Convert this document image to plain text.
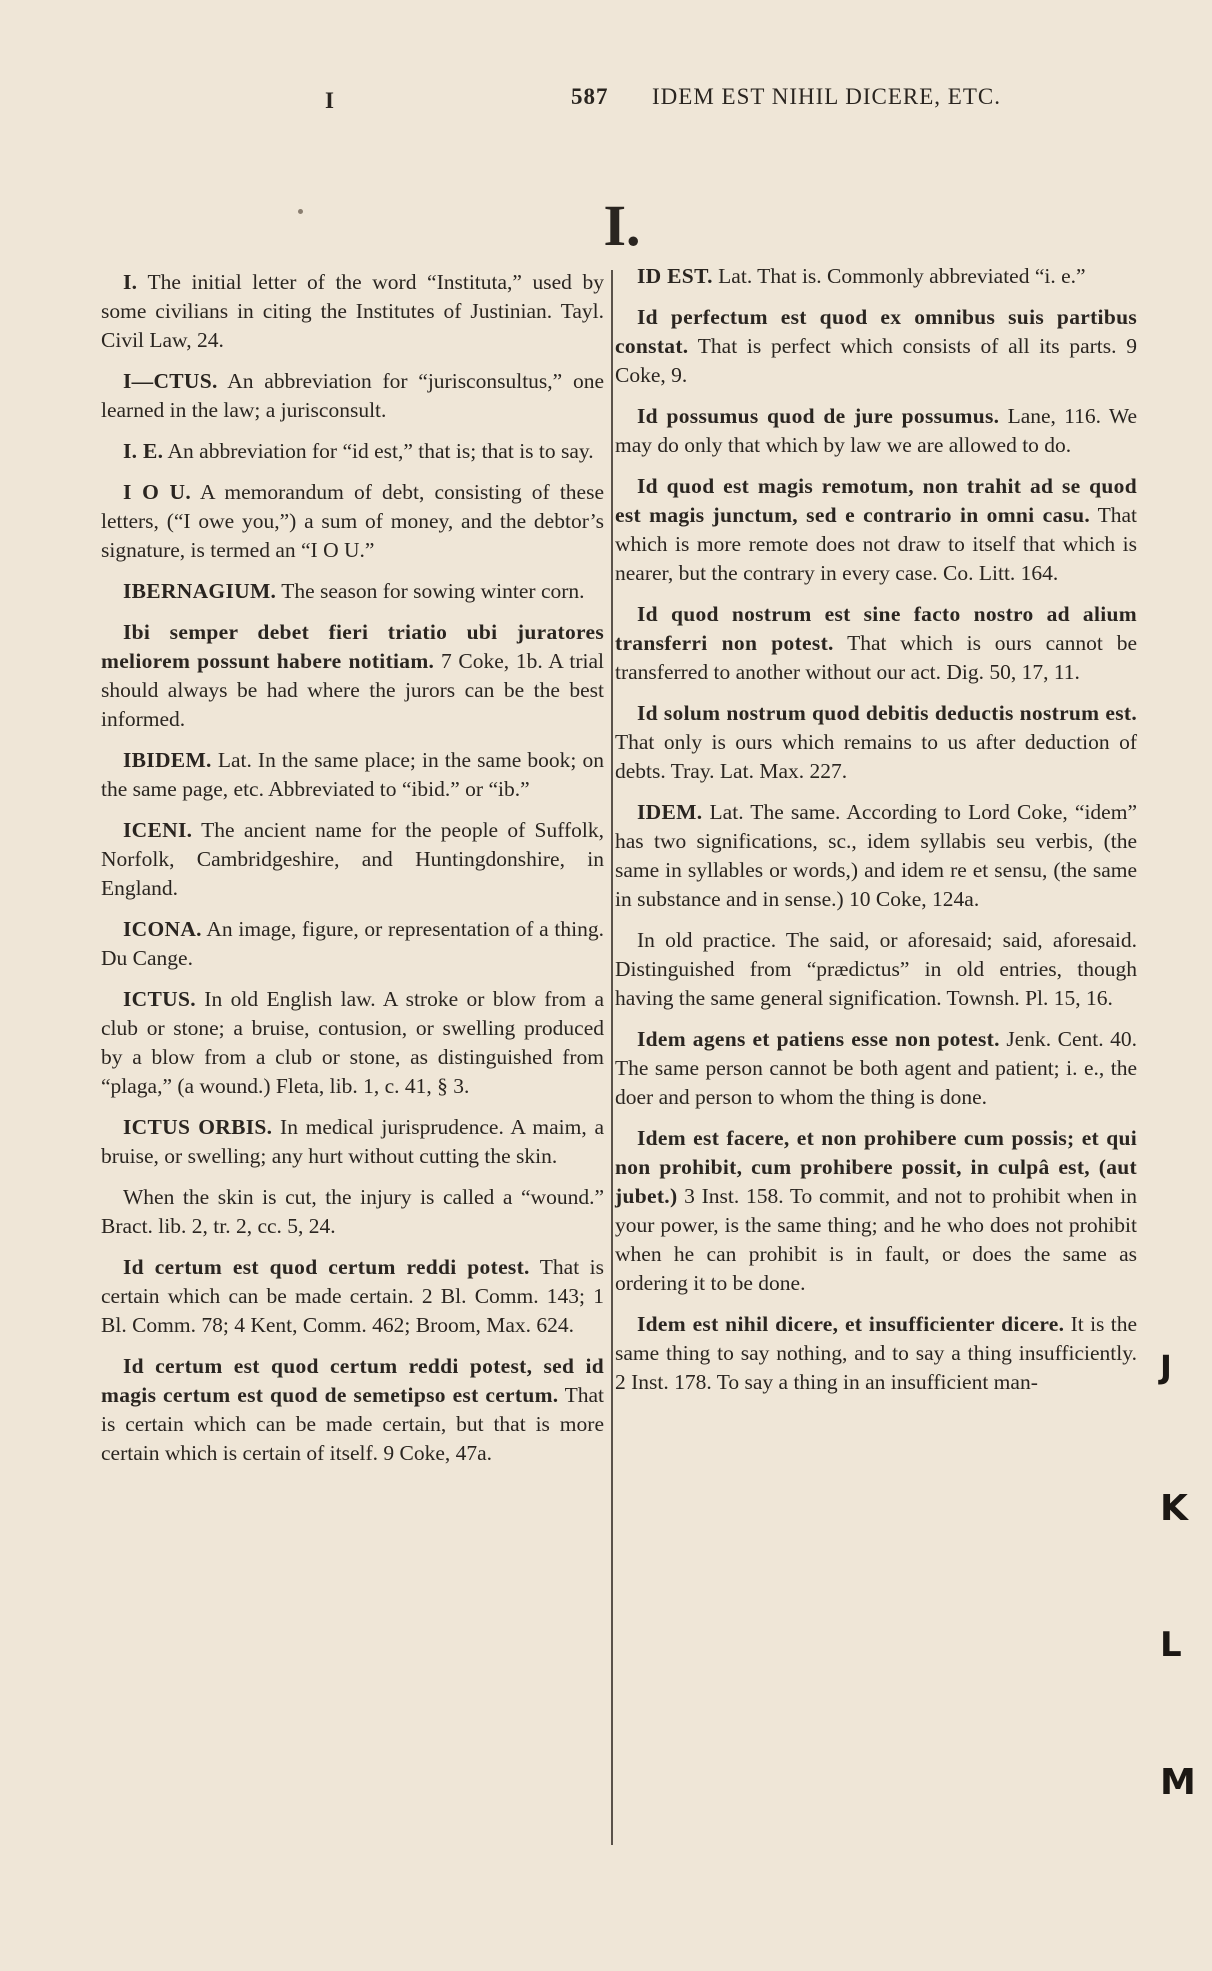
I	587 IDEM EST NIHIL DICERE, ETC.
I.

I. The initial letter of the word “Instituta,” used by some civilians in citing the Institutes of Justinian. Tayl. Civil Law, 24.

I—CTUS. An abbreviation for “jurisconsultus,” one learned in the law; a jurisconsult.

I. E. An abbreviation for “id est,” that is; that is to say.

I O U. A memorandum of debt, consisting of these letters, (“I owe you,”) a sum of money, and the debtor’s signature, is termed an “I O U.”

IBERNAGIUM. The season for sowing winter corn.

Ibi semper debet fieri triatio ubi juratores meliorem possunt habere notitiam. 7 Coke, 1b. A trial should always be had where the jurors can be the best informed.

IBIDEM. Lat. In the same place; in the same book; on the same page, etc. Abbreviated to “ibid.” or “ib.”

ICENI. The ancient name for the people of Suffolk, Norfolk, Cambridgeshire, and Huntingdonshire, in England.

ICONA. An image, figure, or representation of a thing. Du Cange.

ICTUS. In old English law. A stroke or blow from a club or stone; a bruise, contusion, or swelling produced by a blow from a club or stone, as distinguished from “plaga,” (a wound.) Fleta, lib. 1, c. 41, § 3.

ICTUS ORBIS. In medical jurisprudence. A maim, a bruise, or swelling; any hurt without cutting the skin.

When the skin is cut, the injury is called a “wound.” Bract. lib. 2, tr. 2, cc. 5, 24.

Id certum est quod certum reddi potest. That is certain which can be made certain. 2 Bl. Comm. 143; 1 Bl. Comm. 78; 4 Kent, Comm. 462; Broom, Max. 624.

Id certum est quod certum reddi potest, sed id magis certum est quod de semetipso est certum. That is certain which can be made certain, but that is more certain which is certain of itself. 9 Coke, 47a.

ID EST. Lat. That is. Commonly abbreviated “i. e.”

Id perfectum est quod ex omnibus suis partibus constat. That is perfect which consists of all its parts. 9 Coke, 9.

Id possumus quod de jure possumus. Lane, 116. We may do only that which by law we are allowed to do.

Id quod est magis remotum, non trahit ad se quod est magis junctum, sed e contrario in omni casu. That which is more remote does not draw to itself that which is nearer, but the contrary in every case. Co. Litt. 164.

Id quod nostrum est sine facto nostro ad alium transferri non potest. That which is ours cannot be transferred to another without our act. Dig. 50, 17, 11.

Id solum nostrum quod debitis deductis nostrum est. That only is ours which remains to us after deduction of debts. Tray. Lat. Max. 227.

IDEM. Lat. The same. According to Lord Coke, “idem” has two significations, sc., idem syllabis seu verbis, (the same in syllables or words,) and idem re et sensu, (the same in substance and in sense.) 10 Coke, 124a.

In old practice. The said, or aforesaid; said, aforesaid. Distinguished from “prædictus” in old entries, though having the same general signification. Townsh. Pl. 15, 16.

Idem agens et patiens esse non potest. Jenk. Cent. 40. The same person cannot be both agent and patient; i. e., the doer and person to whom the thing is done.

Idem est facere, et non prohibere cum possis; et qui non prohibit, cum prohibere possit, in culpâ est, (aut jubet.) 3 Inst. 158. To commit, and not to prohibit when in your power, is the same thing; and he who does not prohibit when he can prohibit is in fault, or does the same as ordering it to be done.

Idem est nihil dicere, et insufficienter dicere. It is the same thing to say nothing, and to say a thing insufficiently. 2 Inst. 178. To say a thing in an insufficient man-	J
K
L
M
